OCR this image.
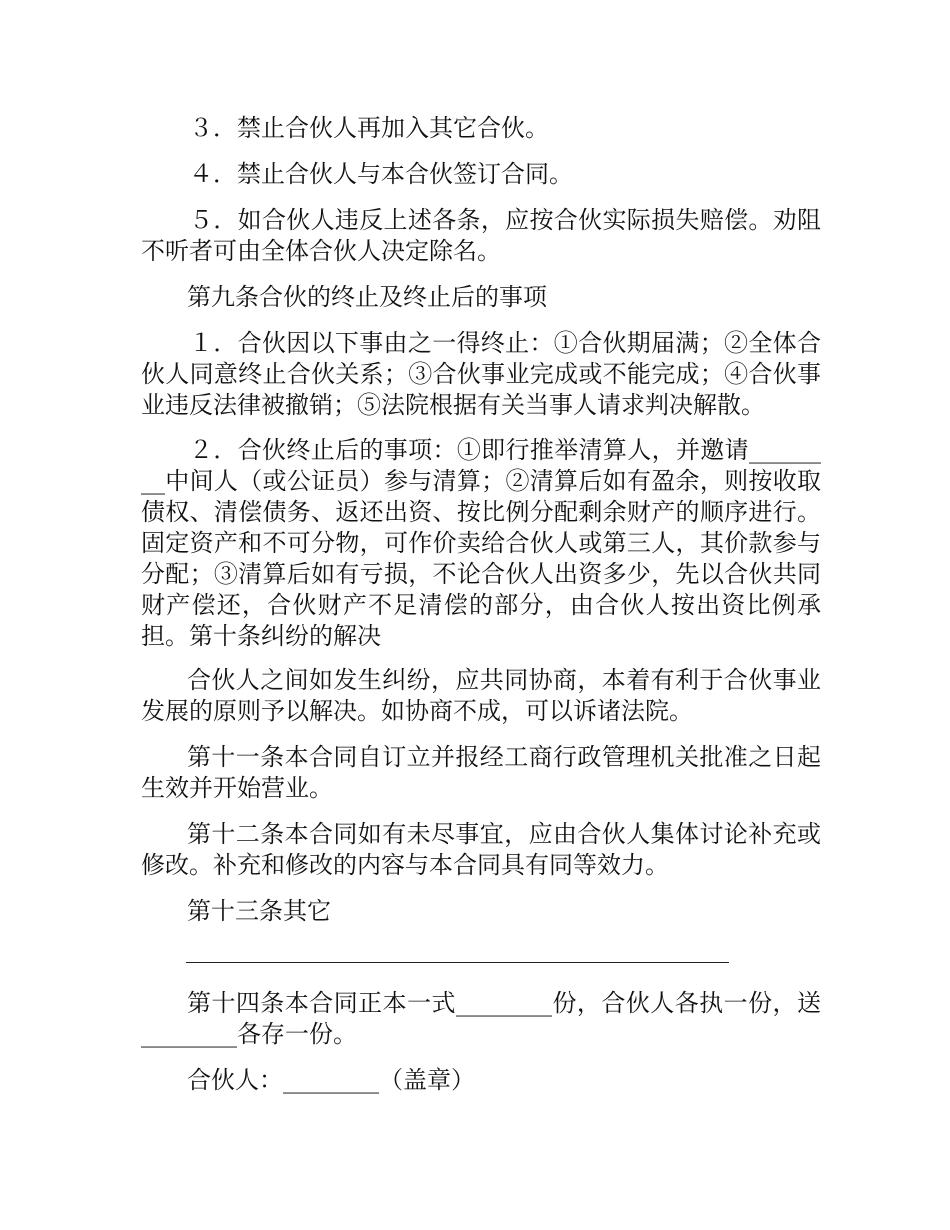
３．禁止合伙人再加入其它合伙。

４．禁止合伙人与本合伙签订合同。

５．如合伙人违反上述各条，应按合伙实际损失赔偿。劝阻不听者可由全体合伙人决定除名。

第九条合伙的终止及终止后的事项

１．合伙因以下事由之一得终止：①合伙期届满；②全体合伙人同意终止合伙关系；③合伙事业完成或不能完成；④合伙事业违反法律被撤销；⑤法院根据有关当事人请求判决解散。

２．合伙终止后的事项：①即行推举清算人，并邀请________中间人（或公证员）参与清算；②清算后如有盈余，则按收取债权、清偿债务、返还出资、按比例分配剩余财产的顺序进行。固定资产和不可分物，可作价卖给合伙人或第三人，其价款参与分配；③清算后如有亏损，不论合伙人出资多少，先以合伙共同财产偿还，合伙财产不足清偿的部分，由合伙人按出资比例承担。第十条纠纷的解决

合伙人之间如发生纠纷，应共同协商，本着有利于合伙事业发展的原则予以解决。如协商不成，可以诉诸法院。

第十一条本合同自订立并报经工商行政管理机关批准之日起生效并开始营业。

第十二条本合同如有未尽事宜，应由合伙人集体讨论补充或修改。补充和修改的内容与本合同具有同等效力。

第十三条其它

第十四条本合同正本一式________份，合伙人各执一份，送________各存一份。

合伙人：________（盖章）
